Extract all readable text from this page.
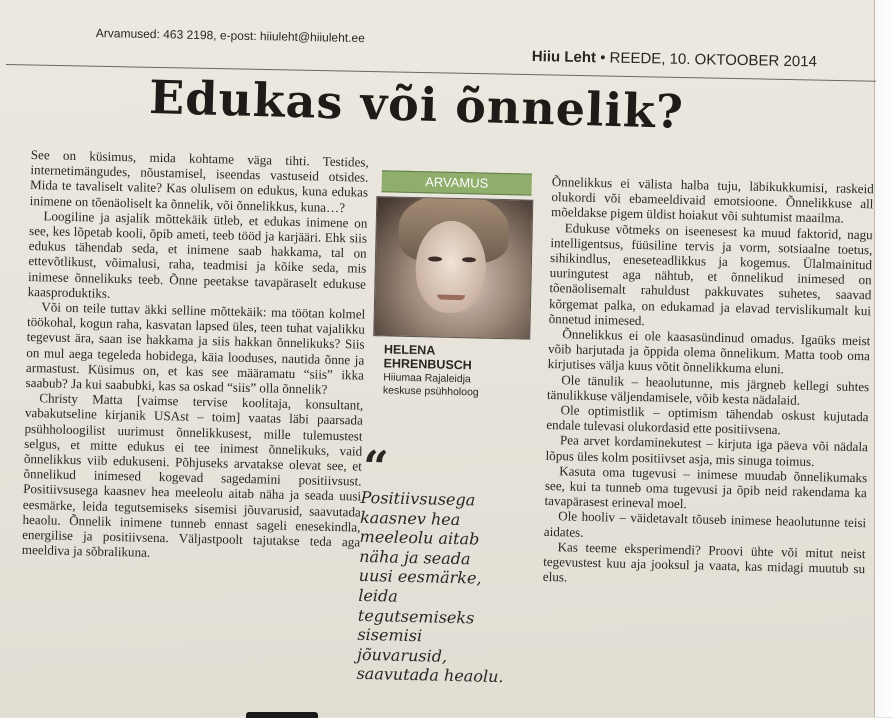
Arvamused: 463 2198, e-post: hiiuleht@hiiuleht.ee
Hiiu Leht • REEDE, 10. OKTOOBER 2014
Edukas või õnnelik?

See on küsimus, mida kohtame väga tihti. Testides, internetimängudes, nõustamisel, iseendas vastuseid otsides. Mida te tavaliselt valite? Kas olulisem on edukus, kuna edukas inimene on tõenäoliselt ka õnnelik, või õnnelikkus, kuna…?

Loogiline ja asjalik mõttekäik ütleb, et edukas inimene on see, kes lõpetab kooli, õpib ameti, teeb tööd ja karjääri. Ehk siis edukus tähendab seda, et inimene saab hakkama, tal on ettevõtlikust, võimalusi, raha, teadmisi ja kõike seda, mis inimese õnnelikuks teeb. Õnne peetakse tavapäraselt edukuse kaasproduktiks.

Või on teile tuttav äkki selline mõttekäik: ma töötan kolmel töökohal, kogun raha, kasvatan lapsed üles, teen tuhat vajalikku tegevust ära, saan ise hakkama ja siis hakkan õnnelikuks? Siis on mul aega tegeleda hobidega, käia looduses, nautida õnne ja armastust. Küsimus on, et kas see määramatu “siis” ikka saabub? Ja kui saabubki, kas sa oskad “siis” olla õnnelik?

Christy Matta [vaimse tervise koolitaja, konsultant, vabakutseline kirjanik USAst – toim] vaatas läbi paarsada psühholoogilist uurimust õnnelikkusest, mille tulemustest selgus, et mitte edukus ei tee inimest õnnelikuks, vaid õnnelikkus viib edukuseni. Põhjuseks arvatakse olevat see, et õnnelikud inimesed kogevad sagedamini positiivsust. Positiivsusega kaasnev hea meeleolu aitab näha ja seada uusi eesmärke, leida tegutsemiseks sisemisi jõuvarusid, saavutada heaolu. Õnnelik inimene tunneb ennast sageli enesekindla, energilise ja positiivsena. Väljastpoolt tajutakse teda aga meeldiva ja sõbralikuna.

ARVAMUS
HELENA
EHRENBUSCH
Hiiumaa Rajaleidja
keskuse psühholoog
“
Positiivsusega kaasnev hea meeleolu aitab näha ja seada uusi eesmärke, leida tegutsemiseks sisemisi jõuvarusid, saavutada heaolu.

Õnnelikkus ei välista halba tuju, läbikukkumisi, raskeid olukordi või ebameeldivaid emotsioone. Õnnelikkuse all mõeldakse pigem üldist hoiakut või suhtumist maailma.

Edukuse võtmeks on iseenesest ka muud faktorid, nagu intelligentsus, füüsiline tervis ja vorm, sotsiaalne toetus, sihikindlus, eneseteadlikkus ja kogemus. Ülalmainitud uuringutest aga nähtub, et õnnelikud inimesed on tõenäolisemalt rahuldust pakkuvates suhetes, saavad kõrgemat palka, on edukamad ja elavad tervislikumalt kui õnnetud inimesed.

Õnnelikkus ei ole kaasasündinud omadus. Igaüks meist võib harjutada ja õppida olema õnnelikum. Matta toob oma kirjutises välja kuus võtit õnnelikkuma eluni.

Ole tänulik – heaolutunne, mis järgneb kellegi suhtes tänulikkuse väljendamisele, võib kesta nädalaid.

Ole optimistlik – optimism tähendab oskust kujutada endale tulevasi olukordasid ette positiivsena.

Pea arvet kordaminekutest – kirjuta iga päeva või nädala lõpus üles kolm positiivset asja, mis sinuga toimus.

Kasuta oma tugevusi – inimese muudab õnnelikumaks see, kui ta tunneb oma tugevusi ja õpib neid rakendama ka tavapärasest erineval moel.

Ole hooliv – väidetavalt tõuseb inimese heaolutunne teisi aidates.

Kas teeme eksperimendi? Proovi ühte või mitut neist tegevustest kuu aja jooksul ja vaata, kas midagi muutub su elus.
